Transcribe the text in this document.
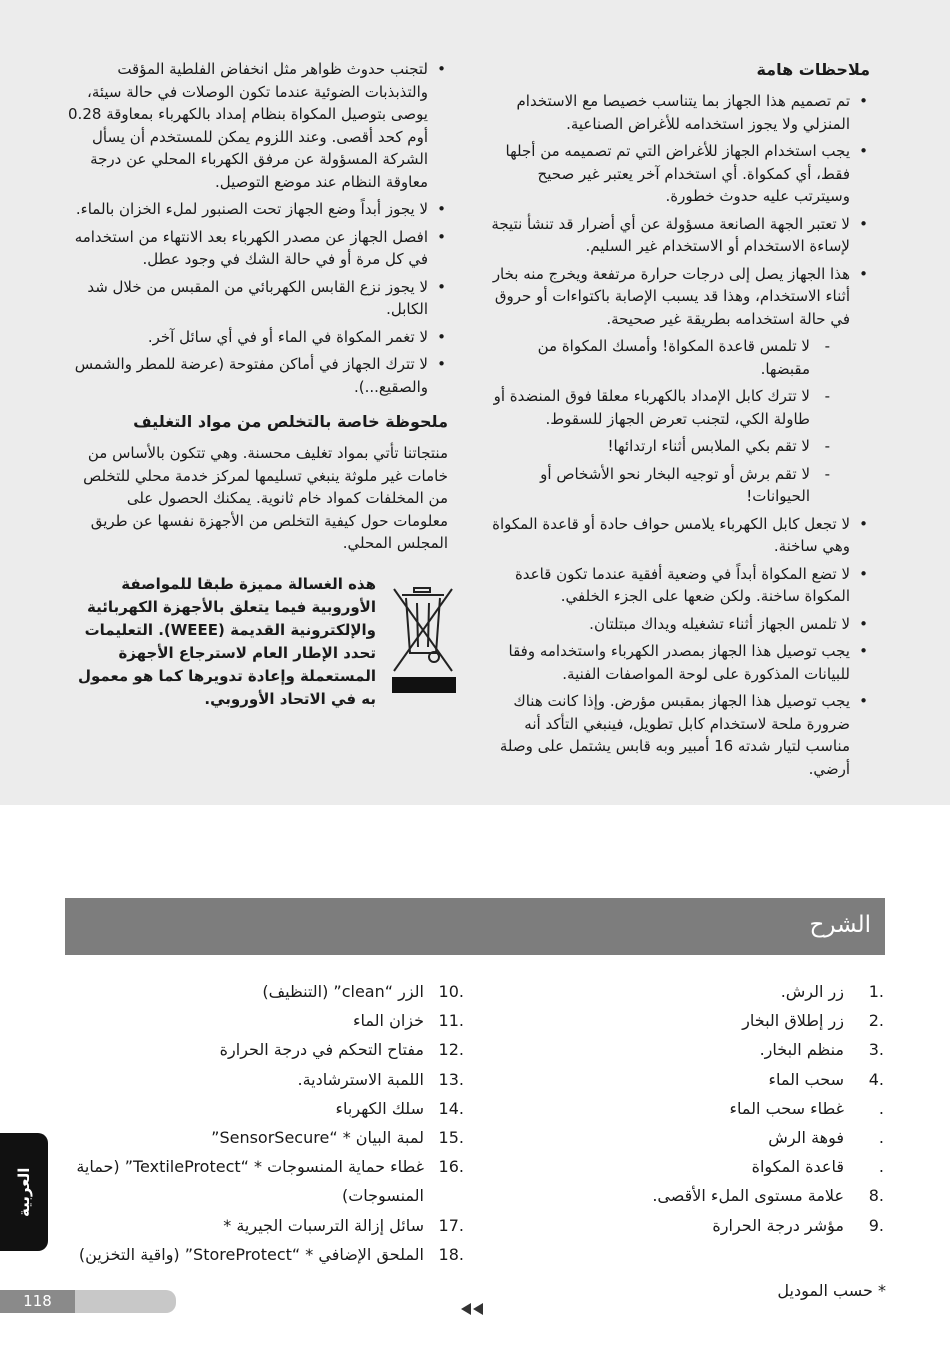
ملاحظات هامة
• تم تصميم هذا الجهاز بما يتناسب خصيصا مع الاستخدام المنزلي ولا يجوز استخدامه للأغراض الصناعية.
• يجب استخدام الجهاز للأغراض التي تم تصميمه من أجلها فقط، أي كمكواة. أي استخدام آخر يعتبر غير صحيح وسيترتب عليه حدوث خطورة.
• لا تعتبر الجهة الصانعة مسؤولة عن أي أضرار قد تنشأ نتيجة لإساءة الاستخدام أو الاستخدام غير السليم.
• هذا الجهاز يصل إلى درجات حرارة مرتفعة ويخرج منه بخار أثناء الاستخدام، وهذا قد يسبب الإصابة باكتواءات أو حروق في حالة استخدامه بطريقة غير صحيحة.
- لا تلمس قاعدة المكواة! وأمسك المكواة من مقبضها.
- لا تترك كابل الإمداد بالكهرباء معلقا فوق المنضدة أو طاولة الكي، لتجنب تعرض الجهاز للسقوط.
- لا تقم بكي الملابس أثناء ارتدائها!
- لا تقم برش أو توجيه البخار نحو الأشخاص أو الحيوانات!
• لا تجعل كابل الكهرباء يلامس حواف حادة أو قاعدة المكواة وهي ساخنة.
• لا تضع المكواة أبداً في وضعية أفقية عندما تكون قاعدة المكواة ساخنة. ولكن ضعها على الجزء الخلفي.
• لا تلمس الجهاز أثناء تشغيله ويداك مبتلتان.
• يجب توصيل هذا الجهاز بمصدر الكهرباء واستخدامه وفقا للبيانات المذكورة على لوحة المواصفات الفنية.
• يجب توصيل هذا الجهاز بمقبس مؤرض. وإذا كانت هناك ضرورة ملحة لاستخدام كابل تطويل، فينبغي التأكد أنه مناسب لتيار شدته 16 أمبير وبه قابس يشتمل على وصلة أرضي.
• لتجنب حدوث ظواهر مثل انخفاض الفلطية المؤقت والتذبذبات الضوئية عندما تكون الوصلات في حالة سيئة، يوصى بتوصيل المكواة بنظام إمداد بالكهرباء بمعاوقة 0.28 أوم كحد أقصى. وعند اللزوم يمكن للمستخدم أن يسأل الشركة المسؤولة عن مرفق الكهرباء المحلي عن درجة معاوقة النظام عند موضع التوصيل.
• لا يجوز أبداً وضع الجهاز تحت الصنبور لملء الخزان بالماء.
• افصل الجهاز عن مصدر الكهرباء بعد الانتهاء من استخدامه في كل مرة أو في حالة الشك في وجود عطل.
• لا يجوز نزع القابس الكهربائي من المقبس من خلال شد الكابل.
• لا تغمر المكواة في الماء أو في أي سائل آخر.
• لا تترك الجهاز في أماكن مفتوحة (عرضة للمطر والشمس والصقيع...).
ملحوظة خاصة بالتخلص من مواد التغليف

منتجاتنا تأتي بمواد تغليف محسنة. وهي تتكون بالأساس من خامات غير ملوثة ينبغي تسليمها لمركز خدمة محلي للتخلص من المخلفات كمواد خام ثانوية. يمكنك الحصول على معلومات حول كيفية التخلص من الأجهزة نفسها عن طريق المجلس المحلي.

هذه الغسالة مميزة طبقا للمواصفة الأوروبية فيما يتعلق بالأجهزة الكهربائية والإلكترونية القديمة (WEEE). التعليمات تحدد الإطار العام لاسترجاع الأجهزة المستعملة وإعادة تدويرها كما هو معمول به في الاتحاد الأوروبي.
الشرح
.1
زر الرش.
.2
زر إطلاق البخار
.3
منظم البخار.
.4
سحب الماء
.
غطاء سحب الماء
.
فوهة الرش
.
قاعدة المكواة
.8
علامة مستوى الملء الأقصى.
.9
مؤشر درجة الحرارة
.10
الزر “clean” (التنظيف)
.11
خزان الماء
.12
مفتاح التحكم في درجة الحرارة
.13
اللمبة الاسترشادية.
.14
سلك الكهرباء
.15
لمبة البيان * “SensorSecure”
.16
غطاء حماية المنسوجات * “TextileProtect” (حماية المنسوجات)
.17
سائل إزالة الترسبات الجيرية *
.18
الملحق الإضافي * “StoreProtect” (واقية التخزين)
* حسب الموديل
العربية
118
